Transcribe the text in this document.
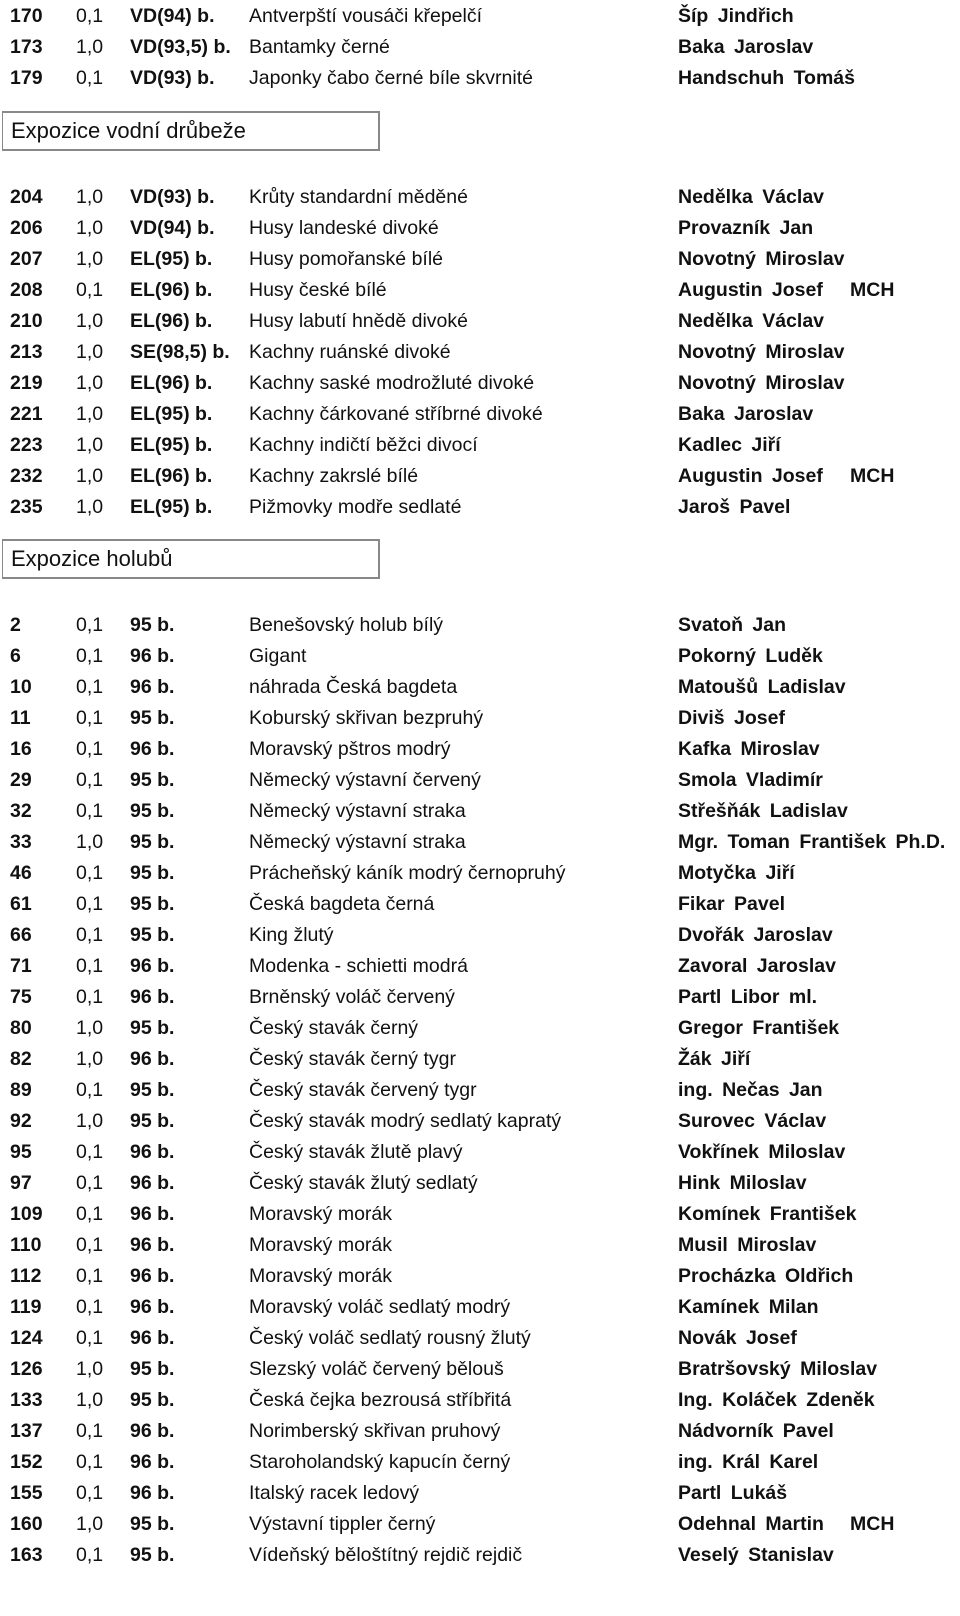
170 0,1 VD(94) b. Antverpští vousáči křepelčí	Šíp Jindřich
173 1,0 VD(93,5) b. Bantamky černé	Baka Jaroslav
179 0,1 VD(93) b. Japonky čabo černé bíle skvrnité	Handschuh Tomáš
Expozice vodní drůbeže
204 1,0 VD(93) b. Krůty standardní měděné	Nedělka Václav
206 1,0 VD(94) b. Husy landeské divoké	Provazník Jan
207 1,0 EL(95) b. Husy pomořanské bílé	Novotný Miroslav
208 0,1 EL(96) b. Husy české bílé	Augustin Josef MCH
210 1,0 EL(96) b. Husy labutí hnědě divoké	Nedělka Václav
213 1,0 SE(98,5) b. Kachny ruánské divoké	Novotný Miroslav
219 1,0 EL(96) b. Kachny saské modrožluté divoké	Novotný Miroslav
221 1,0 EL(95) b. Kachny čárkované stříbrné divoké	Baka Jaroslav
223 1,0 EL(95) b. Kachny indičtí běžci divocí	Kadlec Jiří
232 1,0 EL(96) b. Kachny zakrslé bílé	Augustin Josef MCH
235 1,0 EL(95) b. Pižmovky modře sedlaté	Jaroš Pavel
Expozice holubů
2	0,1 95 b.	Benešovský holub bílý	Svatoň Jan
6	0,1 96 b.	Gigant	Pokorný Luděk
10 0,1 96 b.	náhrada Česká bagdeta	Matoušů Ladislav
11 0,1 95 b.	Koburský skřivan bezpruhý	Diviš Josef
16 0,1 96 b.	Moravský pštros modrý	Kafka Miroslav
29 0,1 95 b.	Německý výstavní červený	Smola Vladimír
32 0,1 95 b.	Německý výstavní straka	Střešňák Ladislav
33 1,0 95 b.	Německý výstavní straka	Mgr. Toman František Ph.D.
46 0,1 95 b.	Prácheňský káník modrý černopruhý	Motyčka Jiří
61 0,1 95 b.	Česká bagdeta černá	Fikar Pavel
66 0,1 95 b.	King žlutý	Dvořák Jaroslav
71 0,1 96 b.	Modenka - schietti modrá	Zavoral Jaroslav
75 0,1 96 b.	Brněnský voláč červený	Partl Libor ml.
80 1,0 95 b.	Český stavák černý	Gregor František
82 1,0 96 b.	Český stavák černý tygr	Žák Jiří
89 0,1 95 b.	Český stavák červený tygr	ing. Nečas Jan
92 1,0 95 b.	Český stavák modrý sedlatý kapratý	Surovec Václav
95 0,1 96 b.	Český stavák žlutě plavý	Vokřínek Miloslav
97 0,1 96 b.	Český stavák žlutý sedlatý	Hink Miloslav
109 0,1 96 b.	Moravský morák	Komínek František
110 0,1 96 b.	Moravský morák	Musil Miroslav
112 0,1 96 b.	Moravský morák	Procházka Oldřich
119 0,1 96 b.	Moravský voláč sedlatý modrý	Kamínek Milan
124 0,1 96 b.	Český voláč sedlatý rousný žlutý	Novák Josef
126 1,0 95 b.	Slezský voláč červený bělouš	Bratršovský Miloslav
133 1,0 95 b.	Česká čejka bezrousá stříbřitá	Ing. Koláček Zdeněk
137 0,1 96 b.	Norimberský skřivan pruhový	Nádvorník Pavel
152 0,1 96 b.	Staroholandský kapucín černý	ing. Král Karel
155 0,1 96 b.	Italský racek ledový	Partl Lukáš
160 1,0 95 b.	Výstavní tippler černý	Odehnal Martin MCH
163 0,1 95 b.	Vídeňský běloštítný rejdič rejdič	Veselý Stanislav
